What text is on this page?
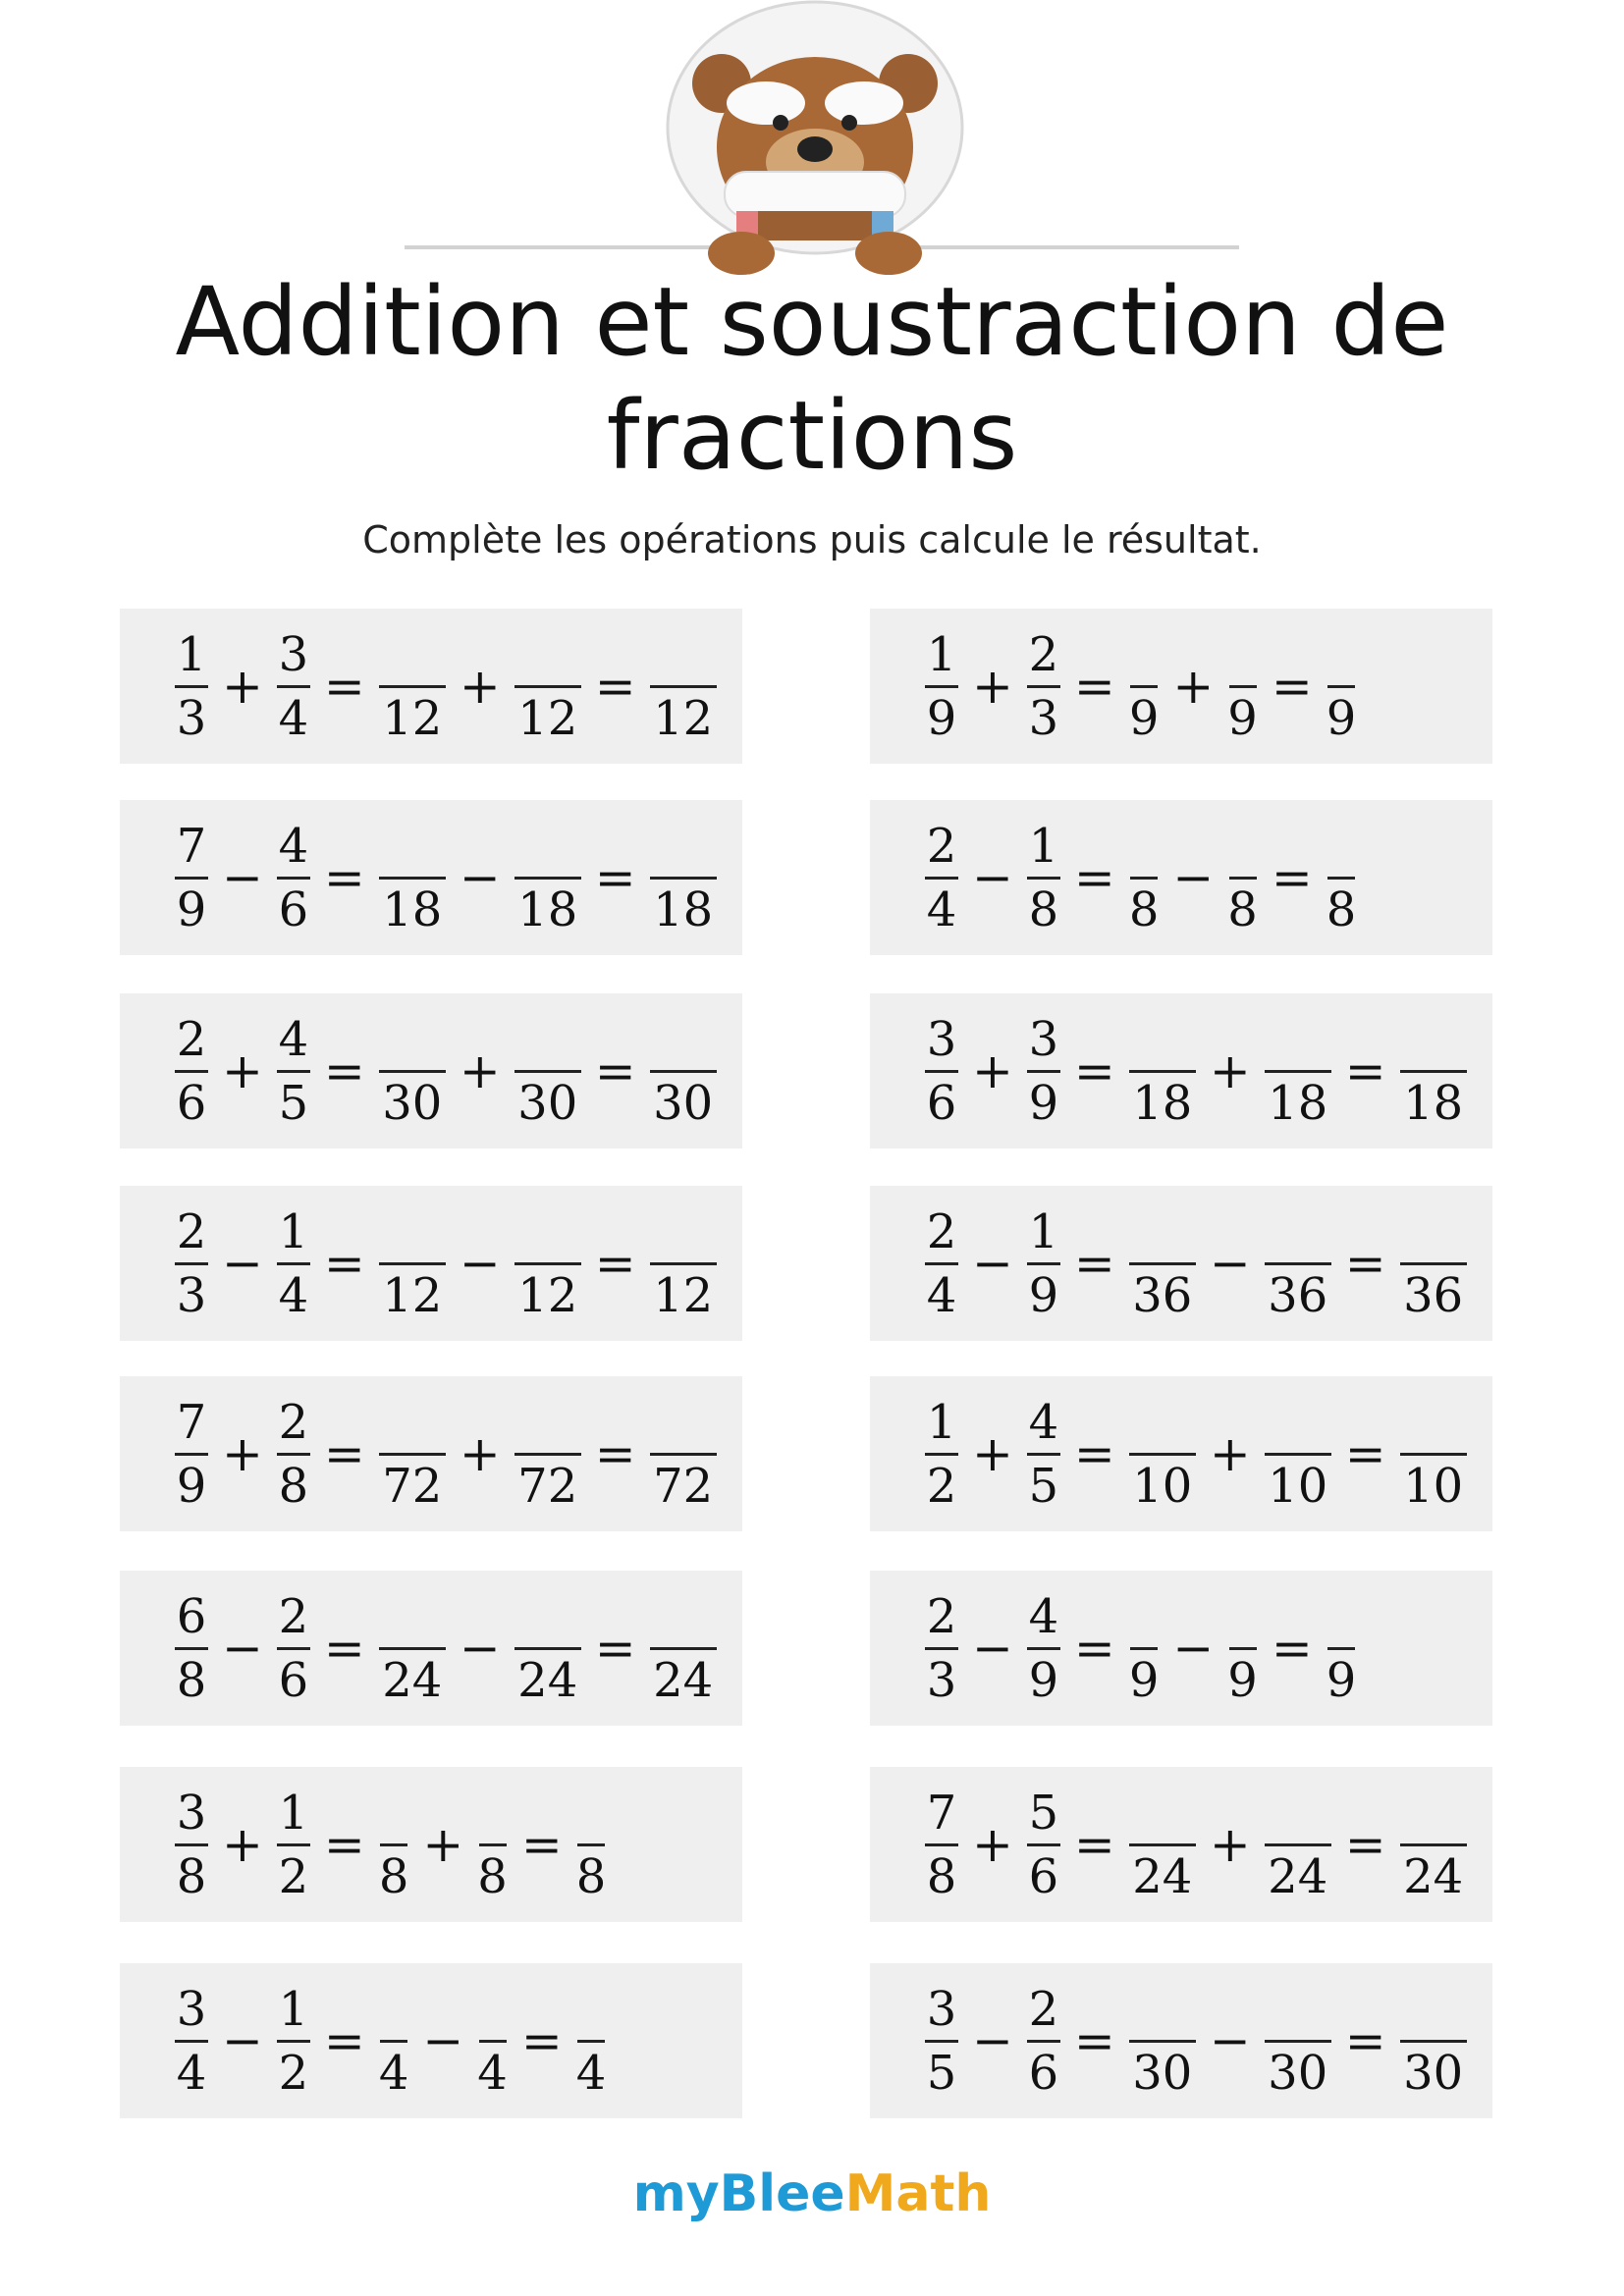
Addition et soustraction de fractions
Complète les opérations puis calcule le résultat.
$\frac{1}{3} + \frac{3}{4}$ =
12
+
12
=
12	$\frac{1}{9} + \frac{2}{3}$ =
9
+
9
=
9
$\frac{7}{9} - \frac{4}{6}$ =
18
−
18
=
18	$\frac{2}{4} - \frac{1}{8}$ =
8
−
8
=
8
$\frac{2}{6} + \frac{4}{5}$ =
30
+
30
=
30	$\frac{3}{6} + \frac{3}{9}$ =
18
+
18
=
18
$\frac{2}{3} - \frac{1}{4}$ =
12
−
12
=
12	$\frac{2}{4} - \frac{1}{9}$ =
36
−
36
=
36
$\frac{7}{9} + \frac{2}{8}$ =
72
+
72
=
72	$\frac{1}{2} + \frac{4}{5}$ =
10
+
10
=
10
$\frac{6}{8} - \frac{2}{6}$ =
24
−
24
=
24	$\frac{2}{3} - \frac{4}{9}$ =
9
−
9
=
9
$\frac{3}{8} + \frac{1}{2}$ =
8
+
8
=
8	$\frac{7}{8} + \frac{5}{6}$ =
24
+
24
=
24
$\frac{3}{4} - \frac{1}{2}$ =
4
−
4
=
4	$\frac{3}{5} - \frac{2}{6}$ =
30
−
30
=
30
myBleeMath
